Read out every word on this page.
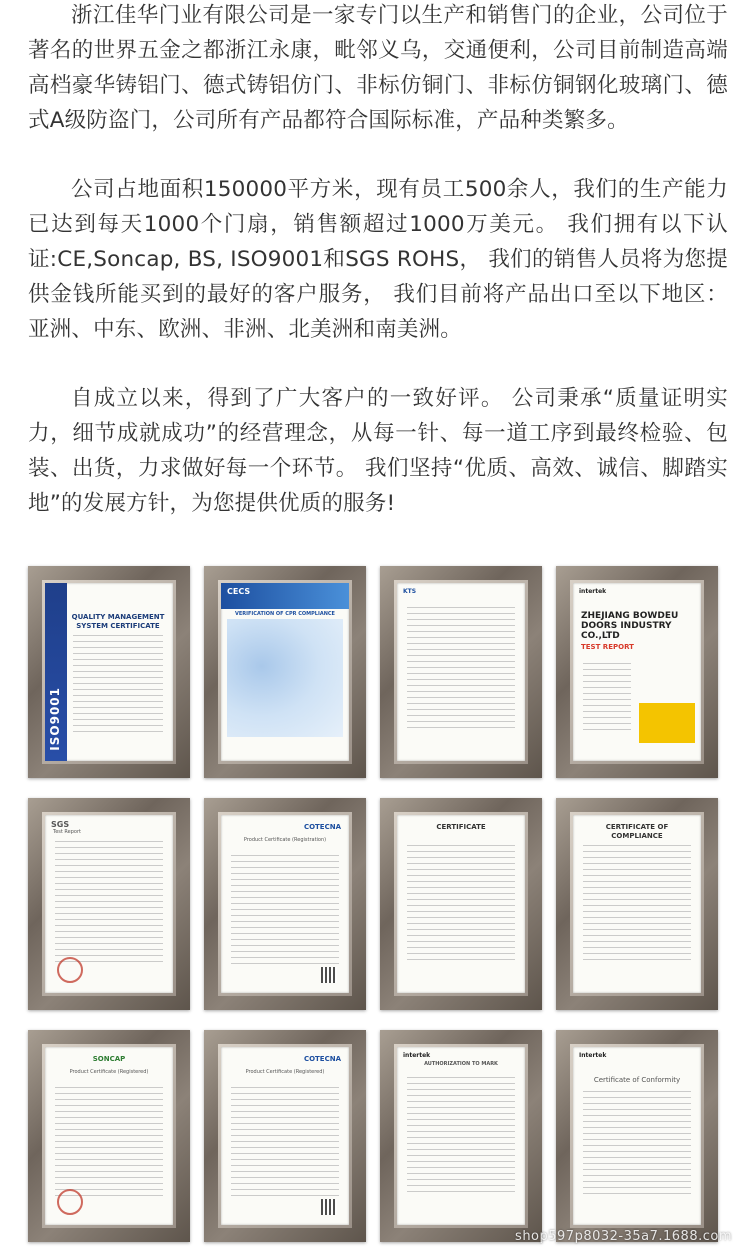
浙江佳华门业有限公司是一家专门以生产和销售门的企业，公司位于著名的世界五金之都浙江永康，毗邻义乌，交通便利，公司目前制造高端高档豪华铸铝门、德式铸铝仿门、非标仿铜门、非标仿铜钢化玻璃门、德式A级防盗门，公司所有产品都符合国际标准，产品种类繁多。

公司占地面积150000平方米，现有员工500余人，我们的生产能力已达到每天1000个门扇，销售额超过1000万美元。 我们拥有以下认证:CE,Soncap, BS, ISO9001和SGS ROHS， 我们的销售人员将为您提供金钱所能买到的最好的客户服务， 我们目前将产品出口至以下地区： 亚洲、中东、欧洲、非洲、北美洲和南美洲。

自成立以来，得到了广大客户的一致好评。 公司秉承“质量证明实力，细节成就成功”的经营理念，从每一针、每一道工序到最终检验、包装、出货，力求做好每一个环节。 我们坚持“优质、高效、诚信、脚踏实地”的发展方针，为您提供优质的服务!

ISO9001
QUALITY MANAGEMENT SYSTEM CERTIFICATE
CECS
VERIFICATION OF CPR COMPLIANCE
KTS	intertek
ZHEJIANG BOWDEU DOORS INDUSTRY CO.,LTD
TEST REPORT
SGS
Test Report
COTECNA
Product Certificate (Registration)
CERTIFICATE	CERTIFICATE OF COMPLIANCE
SONCAP
Product Certificate (Registered)
COTECNA
Product Certificate (Registered)
intertek
AUTHORIZATION TO MARK
Intertek
Certificate of Conformity
shop597p8032-35a7.1688.com
